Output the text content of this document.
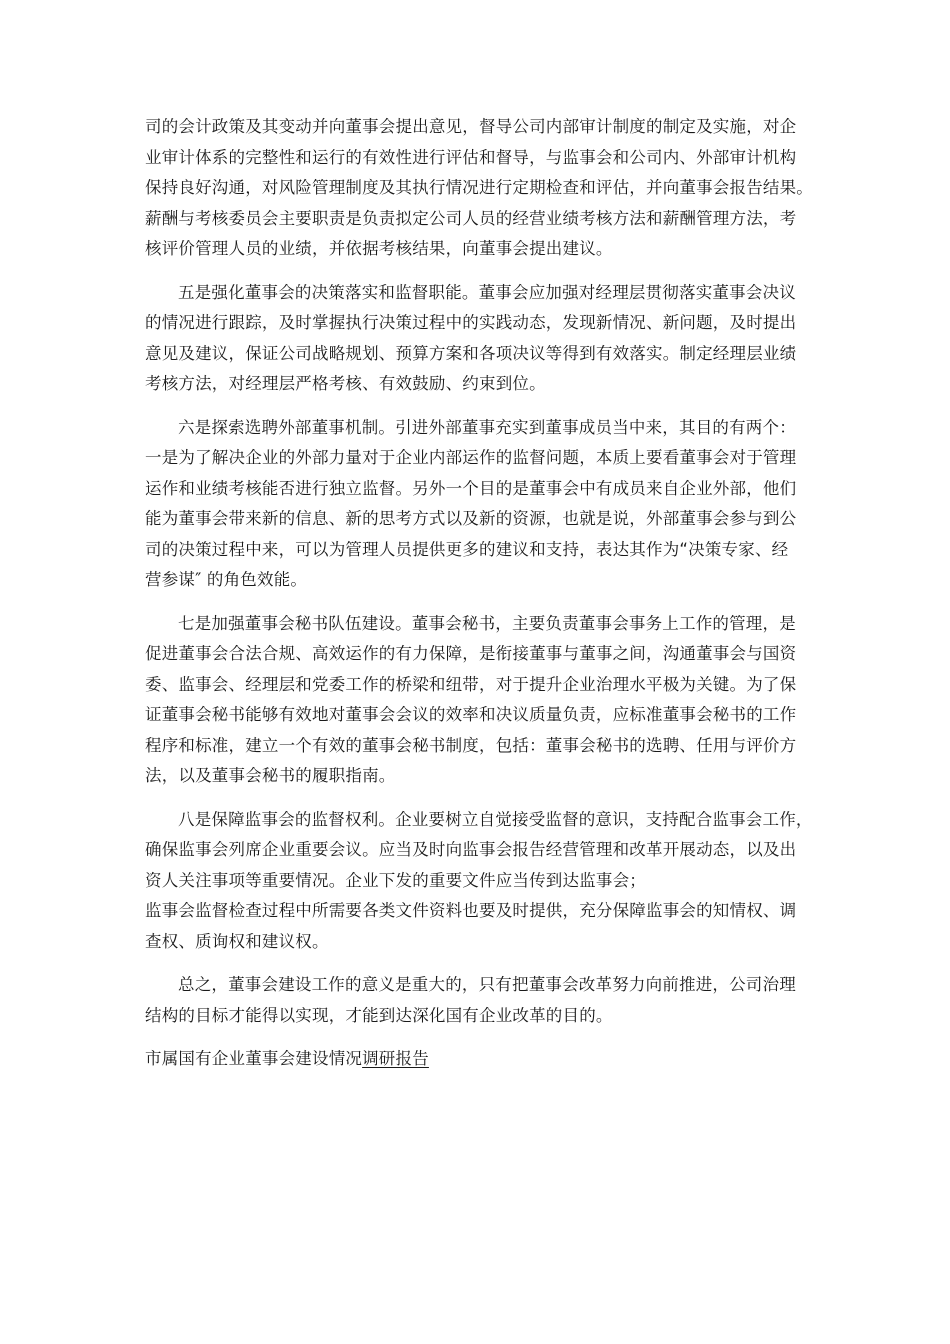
司的会计政策及其变动并向董事会提出意见，督导公司内部审计制度的制定及实施，对企
业审计体系的完整性和运行的有效性进行评估和督导，与监事会和公司内、外部审计机构
保持良好沟通，对风险管理制度及其执行情况进行定期检查和评估，并向董事会报告结果。
薪酬与考核委员会主要职责是负责拟定公司人员的经营业绩考核方法和薪酬管理方法，考
核评价管理人员的业绩，并依据考核结果，向董事会提出建议。
五是强化董事会的决策落实和监督职能。董事会应加强对经理层贯彻落实董事会决议
的情况进行跟踪，及时掌握执行决策过程中的实践动态，发现新情况、新问题，及时提出
意见及建议，保证公司战略规划、预算方案和各项决议等得到有效落实。制定经理层业绩
考核方法，对经理层严格考核、有效鼓励、约束到位。
六是探索选聘外部董事机制。引进外部董事充实到董事成员当中来，其目的有两个：
一是为了解决企业的外部力量对于企业内部运作的监督问题，本质上要看董事会对于管理
运作和业绩考核能否进行独立监督。另外一个目的是董事会中有成员来自企业外部，他们
能为董事会带来新的信息、新的思考方式以及新的资源，也就是说，外部董事会参与到公
司的决策过程中来，可以为管理人员提供更多的建议和支持，表达其作为“决策专家、经
营参谋″ 的角色效能。
七是加强董事会秘书队伍建设。董事会秘书，主要负责董事会事务上工作的管理，是
促进董事会合法合规、高效运作的有力保障，是衔接董事与董事之间，沟通董事会与国资
委、监事会、经理层和党委工作的桥梁和纽带，对于提升企业治理水平极为关键。为了保
证董事会秘书能够有效地对董事会会议的效率和决议质量负责，应标准董事会秘书的工作
程序和标准，建立一个有效的董事会秘书制度，包括：董事会秘书的选聘、任用与评价方
法，以及董事会秘书的履职指南。
八是保障监事会的监督权利。企业要树立自觉接受监督的意识，支持配合监事会工作，
确保监事会列席企业重要会议。应当及时向监事会报告经营管理和改革开展动态，以及出
资人关注事项等重要情况。企业下发的重要文件应当传到达监事会；
监事会监督检查过程中所需要各类文件资料也要及时提供，充分保障监事会的知情权、调
查权、质询权和建议权。
总之，董事会建设工作的意义是重大的，只有把董事会改革努力向前推进，公司治理
结构的目标才能得以实现，才能到达深化国有企业改革的目的。
市属国有企业董事会建设情况调研报告
